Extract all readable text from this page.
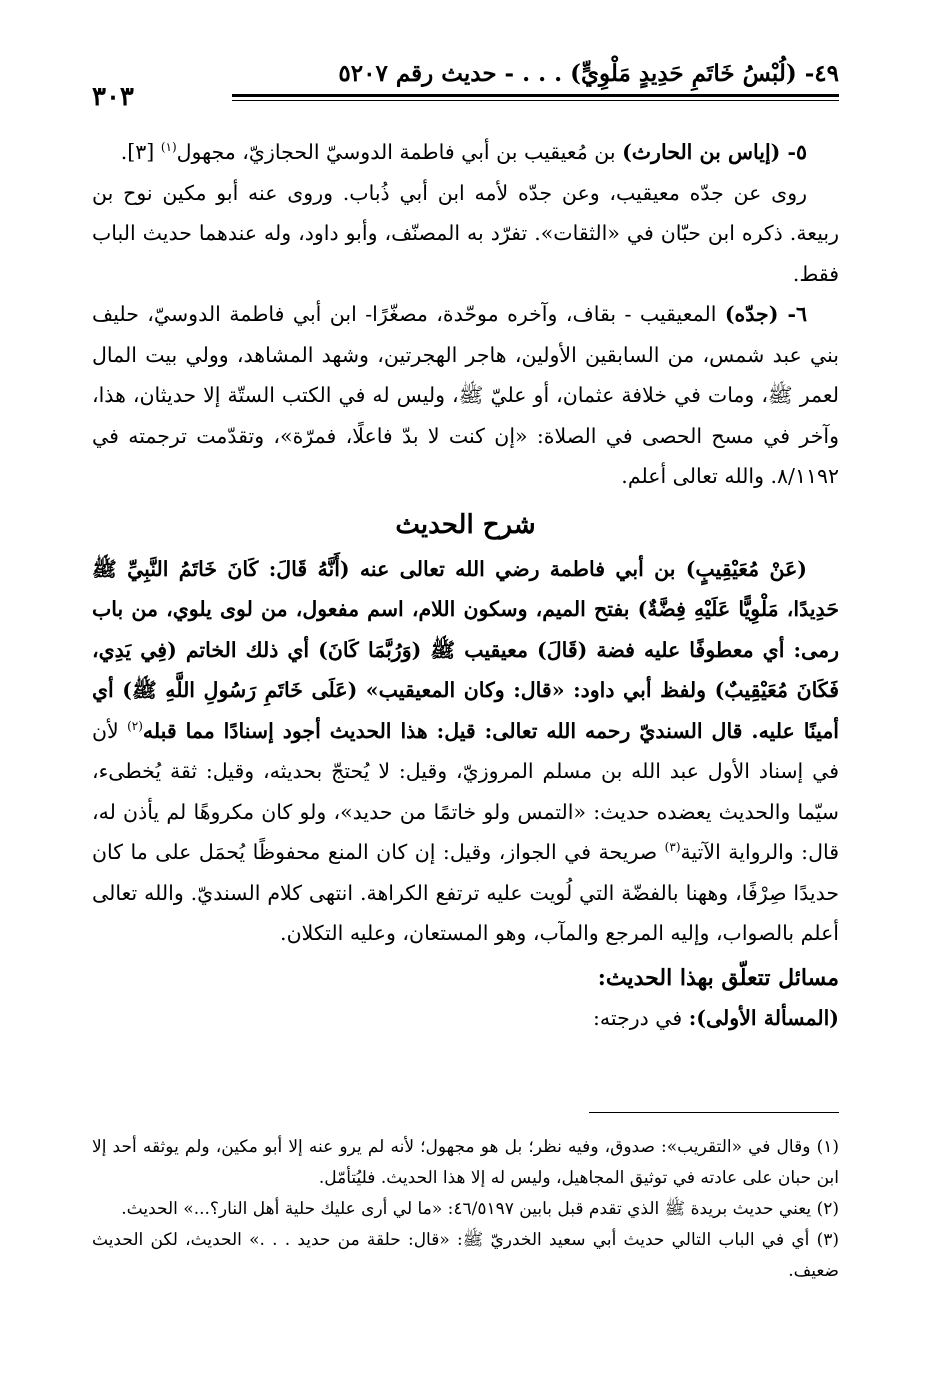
٤٩- (لُبْسُ خَاتَمِ حَدِيدٍ مَلْوِيٍّ) . . . - حديث رقم ٥٢٠٧
٣٠٣

٥- (إياس بن الحارث) بن مُعيقيب بن أبي فاطمة الدوسيّ الحجازيّ، مجهول$^{(١)}$ [٣].

روى عن جدّه معيقيب، وعن جدّه لأمه ابن أبي ذُباب. وروى عنه أبو مكين نوح بن ربيعة. ذكره ابن حبّان في «الثقات». تفرّد به المصنّف، وأبو داود، وله عندهما حديث الباب فقط.

٦- (جدّه) المعيقيب - بقاف، وآخره موحّدة، مصغّرًا- ابن أبي فاطمة الدوسيّ، حليف بني عبد شمس، من السابقين الأولين، هاجر الهجرتين، وشهد المشاهد، وولي بيت المال لعمر ﷺ، ومات في خلافة عثمان، أو عليّ ﷺ، وليس له في الكتب الستّة إلا حديثان، هذا، وآخر في مسح الحصى في الصلاة: «إن كنت لا بدّ فاعلًا، فمرّة»، وتقدّمت ترجمته في ٨/١١٩٢. والله تعالى أعلم.

شرح الحديث

(عَنْ مُعَيْقِيبٍ) بن أبي فاطمة رضي الله تعالى عنه (أَنَّهُ قَالَ: كَانَ خَاتَمُ النَّبِيِّ ﷺ حَدِيدًا، مَلْوِيًّا عَلَيْهِ فِضَّةٌ) بفتح الميم، وسكون اللام، اسم مفعول، من لوى يلوي، من باب رمى: أي معطوفًا عليه فضة (قَالَ) معيقيب ﷺ (وَرُبَّمَا كَانَ) أي ذلك الخاتم (فِي يَدِي، فَكَانَ مُعَيْقِيبٌ) ولفظ أبي داود: «قال: وكان المعيقيب» (عَلَى خَاتَمِ رَسُولِ اللَّهِ ﷺ) أي أمينًا عليه. قال السنديّ رحمه الله تعالى: قيل: هذا الحديث أجود إسنادًا مما قبله$^{(٢)}$ لأن في إسناد الأول عبد الله بن مسلم المروزيّ، وقيل: لا يُحتجّ بحديثه، وقيل: ثقة يُخطىء، سيّما والحديث يعضده حديث: «التمس ولو خاتمًا من حديد»، ولو كان مكروهًا لم يأذن له، قال: والرواية الآتية$^{(٣)}$ صريحة في الجواز، وقيل: إن كان المنع محفوظًا يُحمَل على ما كان حديدًا صِرْفًا، وههنا بالفضّة التي لُويت عليه ترتفع الكراهة. انتهى كلام السنديّ. والله تعالى أعلم بالصواب، وإليه المرجع والمآب، وهو المستعان، وعليه التكلان.

مسائل تتعلّق بهذا الحديث:

(المسألة الأولى): في درجته:

(١) وقال في «التقريب»: صدوق، وفيه نظر؛ بل هو مجهول؛ لأنه لم يرو عنه إلا أبو مكين، ولم يوثقه أحد إلا ابن حبان على عادته في توثيق المجاهيل، وليس له إلا هذا الحديث. فليُتأمّل.

(٢) يعني حديث بريدة ﷺ الذي تقدم قبل بابين ٤٦/٥١٩٧: «ما لي أرى عليك حلية أهل النار؟...» الحديث.

(٣) أي في الباب التالي حديث أبي سعيد الخدريّ ﷺ: «قال: حلقة من حديد . . .» الحديث، لكن الحديث ضعيف.
